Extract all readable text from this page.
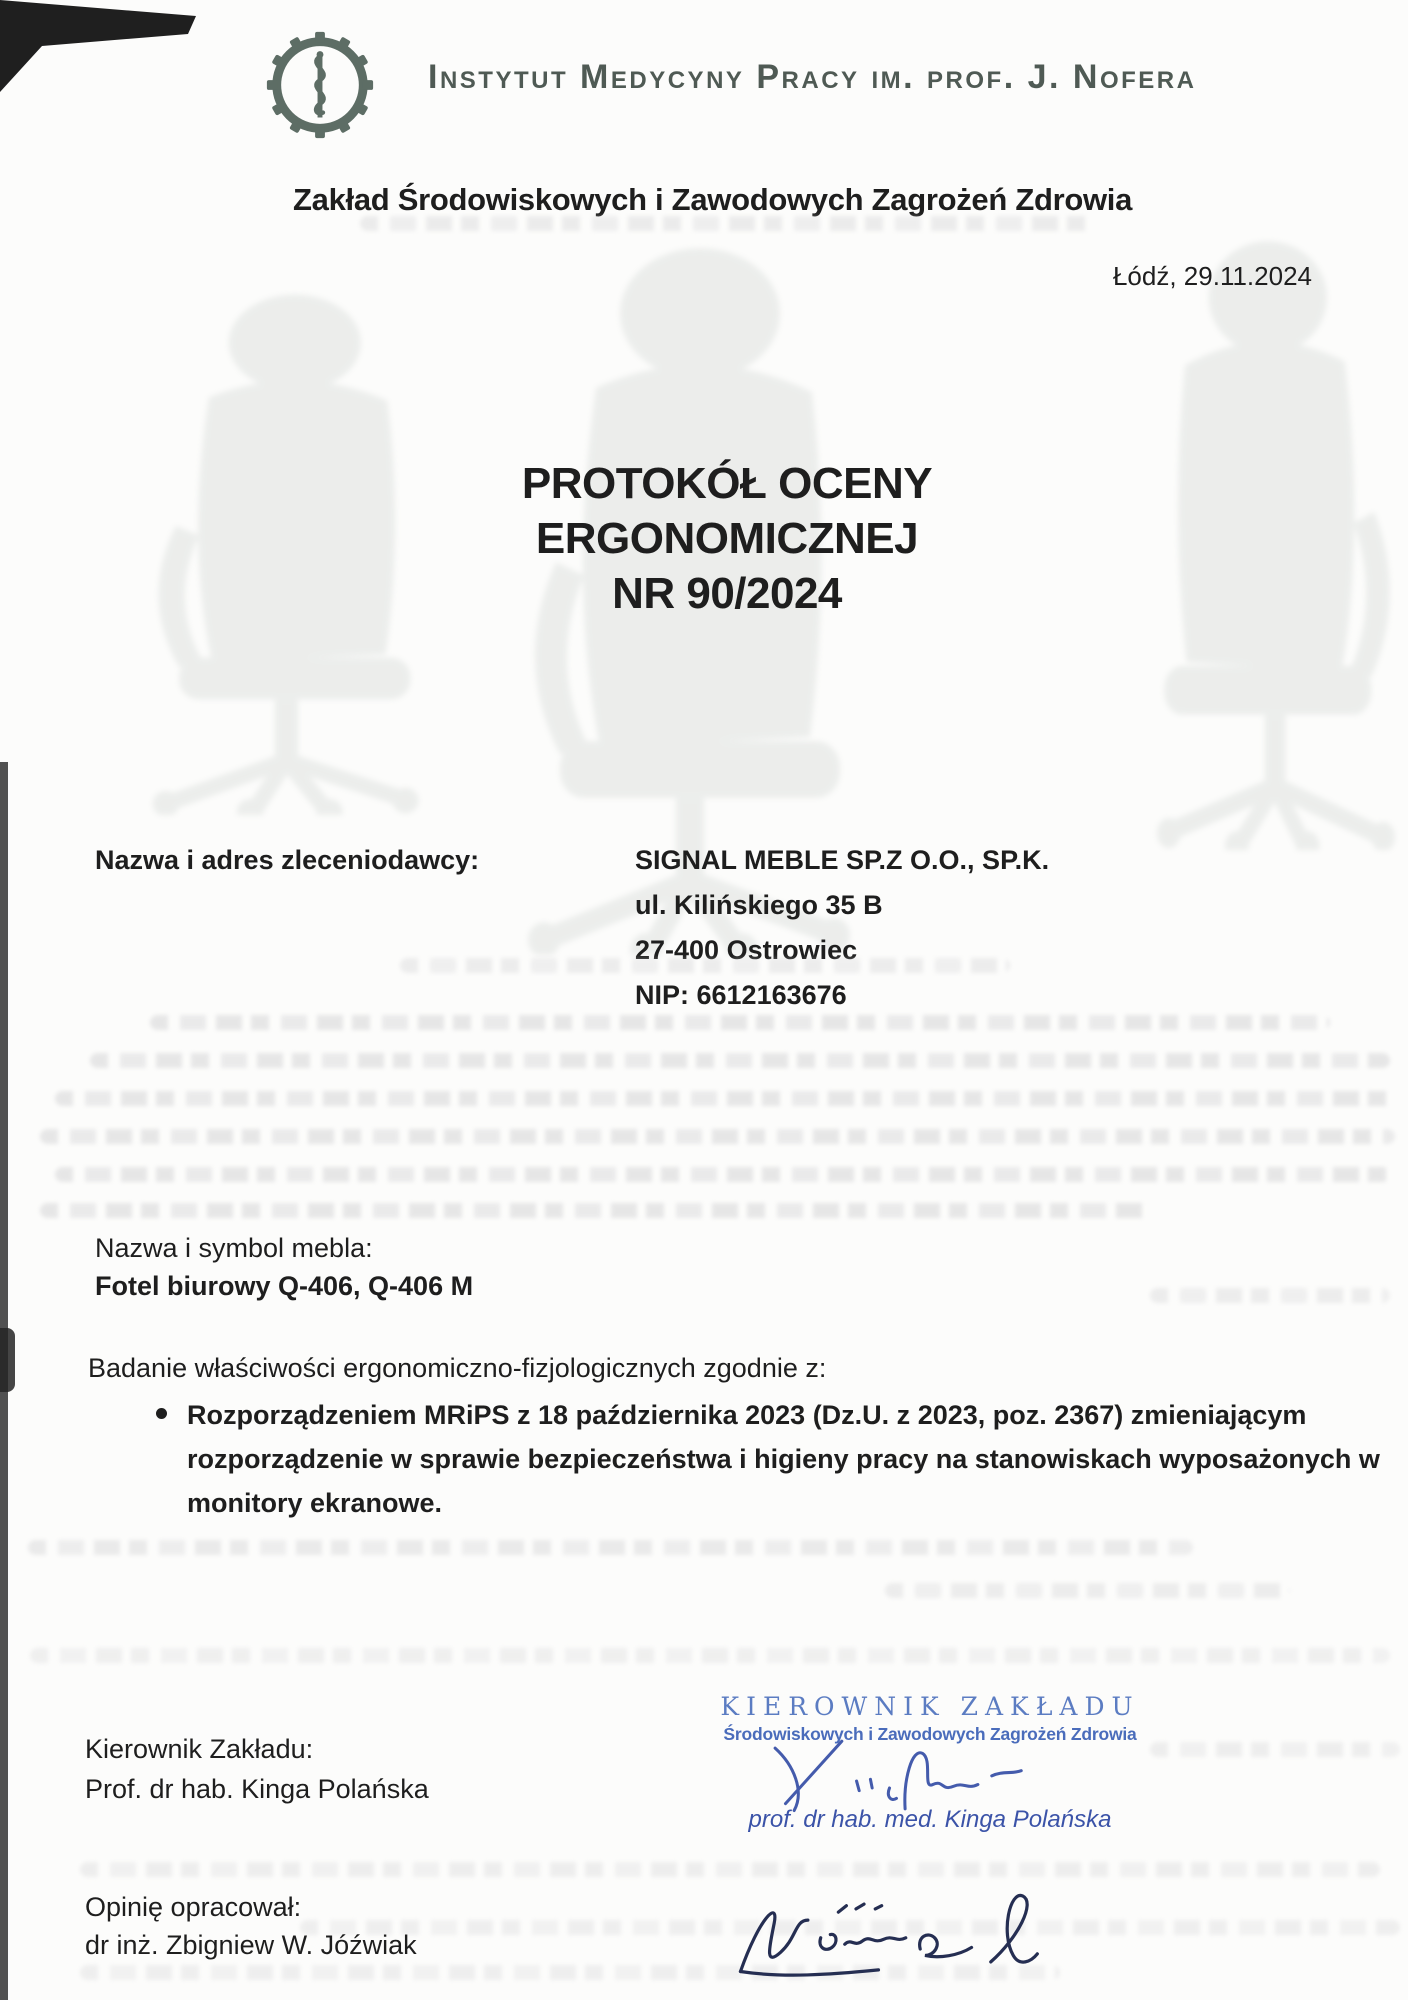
Instytut Medycyny Pracy im. prof. J. Nofera
Zakład Środowiskowych i Zawodowych Zagrożeń Zdrowia
Łódź, 29.11.2024
PROTOKÓŁ OCENY
ERGONOMICZNEJ
NR 90/2024
Nazwa i adres zleceniodawcy:	SIGNAL MEBLE SP.Z O.O., SP.K.
ul. Kilińskiego 35 B
27-400 Ostrowiec
NIP: 6612163676
Nazwa i symbol mebla:
Fotel biurowy Q-406, Q-406 M
Badanie właściwości ergonomiczno-fizjologicznych zgodnie z:
Rozporządzeniem MRiPS z 18 października 2023 (Dz.U. z 2023, poz. 2367) zmieniającym rozporządzenie w sprawie bezpieczeństwa i higieny pracy na stanowiskach wyposażonych w monitory ekranowe.
Kierownik Zakładu:
Prof. dr hab. Kinga Polańska
Opinię opracował:
dr inż. Zbigniew W. Jóźwiak
KIEROWNIK ZAKŁADU
Środowiskowych i Zawodowych Zagrożeń Zdrowia
prof. dr hab. med. Kinga Polańska
